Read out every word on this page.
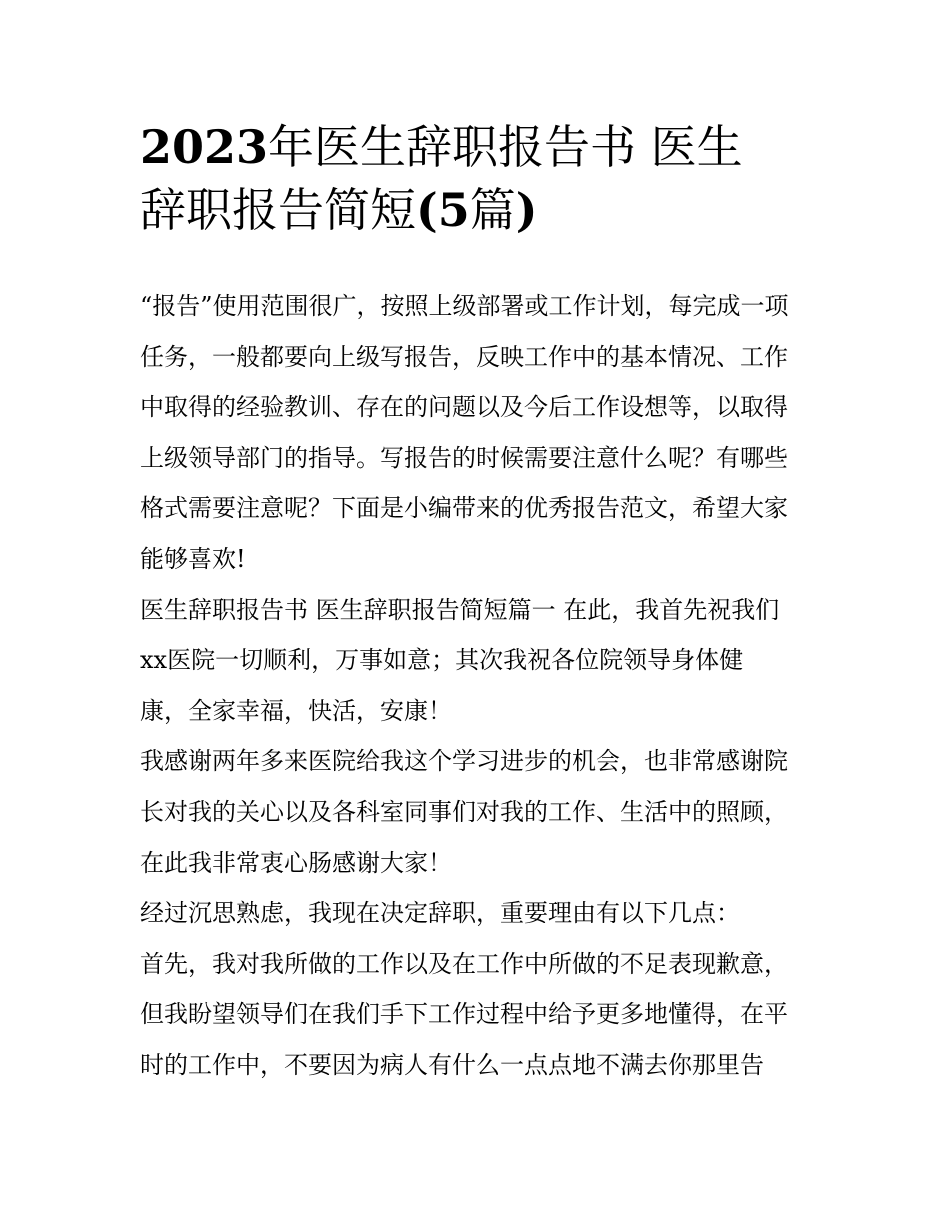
2023年医生辞职报告书 医生
辞职报告简短(5篇)
“报告”使用范围很广，按照上级部署或工作计划，每完成一项
任务，一般都要向上级写报告，反映工作中的基本情况、工作
中取得的经验教训、存在的问题以及今后工作设想等，以取得
上级领导部门的指导。写报告的时候需要注意什么呢？有哪些
格式需要注意呢？下面是小编带来的优秀报告范文，希望大家
能够喜欢!
医生辞职报告书 医生辞职报告简短篇一 在此，我首先祝我们
xx医院一切顺利，万事如意；其次我祝各位院领导身体健
康，全家幸福，快活，安康！
我感谢两年多来医院给我这个学习进步的机会，也非常感谢院
长对我的关心以及各科室同事们对我的工作、生活中的照顾，
在此我非常衷心肠感谢大家！
经过沉思熟虑，我现在决定辞职，重要理由有以下几点：
首先，我对我所做的工作以及在工作中所做的不足表现歉意，
但我盼望领导们在我们手下工作过程中给予更多地懂得，在平
时的工作中，不要因为病人有什么一点点地不满去你那里告
